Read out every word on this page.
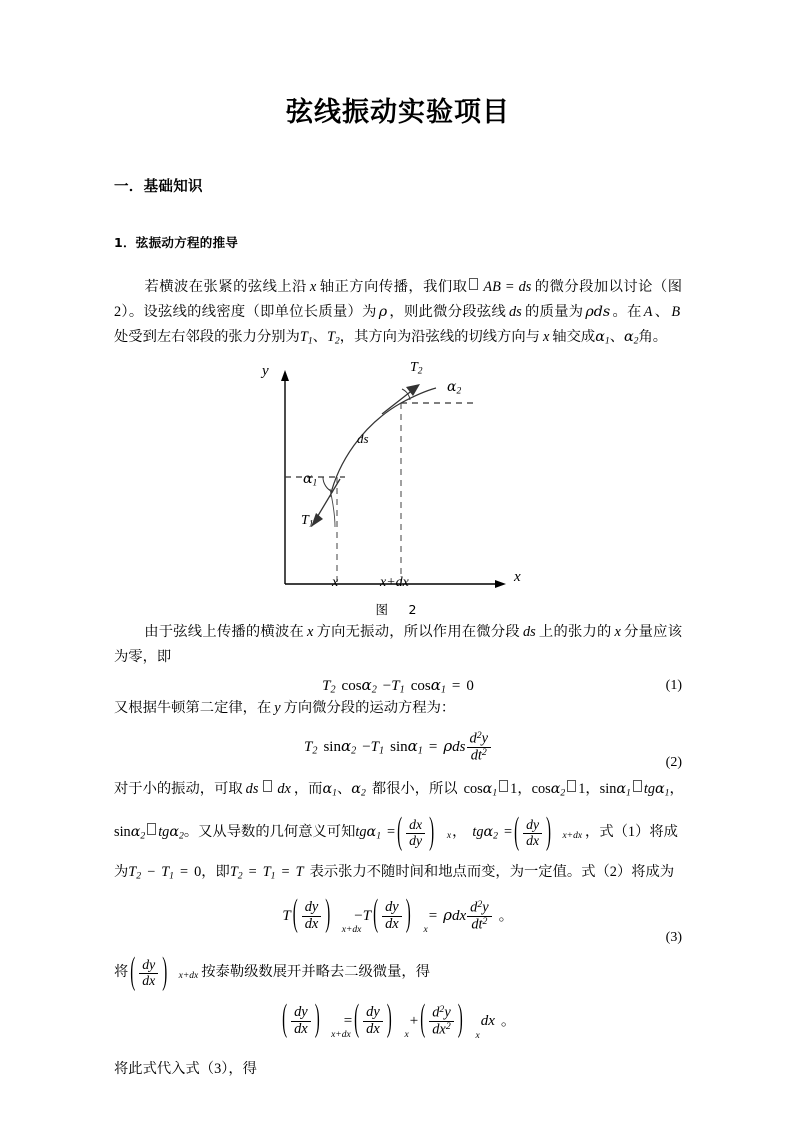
弦线振动实验项目
一．基础知识
1．弦振动方程的推导

若横波在张紧的弦线上沿 x 轴正方向传播，我们取 AB = ds 的微分段加以讨论（图 2）。设弦线的线密度（即单位长质量）为 ρ ，则此微分段弦线 ds 的质量为 ρds 。在 A 、 B处受到左右邻段的张力分别为$T_1$、$T_2$，其方向为沿弦线的切线方向与 x 轴交成$\alpha_1$、$\alpha_2$角。

y
x
$T_2$
$\alpha_2$
ds
$\alpha_1$
$T_1$
x	x+dx
图　2

由于弦线上传播的横波在 x 方向无振动，所以作用在微分段 ds 上的张力的 x 分量应该为零，即

$T_2$ $\cos\alpha_2 -T_1$ cosα$_1$ = 0	(1)

又根据牛顿第二定律，在 y 方向微分段的运动方程为：

$T_2$ $\sin\alpha_2 -T_1$ sinα$_1$ = ρds $\frac{d^2y}{dt^2}$	(2)

对于小的振动，可取 ds dx ，而$\alpha_1$、$\alpha_2$ 都很小，所以 cosα$_1$ 1，cosα$_2$ 1，sinα$_1$ tgα$_1$，

sinα$_2$ tgα$_2$。又从导数的几何意义可知tgα$_1$ = ( $\frac{dx}{dy}$ x
) ， tgα$_2$ = ( $\frac{dy}{dx} x+dx$
) ，式（1）将成

为$T_2 - T_1 = 0$，即$T_2 = T_1 = T$ 表示张力不随时间和地点而变，为一定值。式（2）将成为

T ( $\frac{dy}{dx} x+dx$
)−T ( $\frac{dy}{dx}$ x
)= ρdx $\frac{d^2y}{dt^2}$ 。
(3)

将 ( $\frac{dy}{dx} x+dx$
) 按泰勒级数展开并略去二级微量，得

( $\frac{dy}{dx} x+dx$
)= ( $\frac{dy}{dx}$ x
)+ ( $\frac{d^2y}{dx^2}$ x
)dx 。

将此式代入式（3），得
